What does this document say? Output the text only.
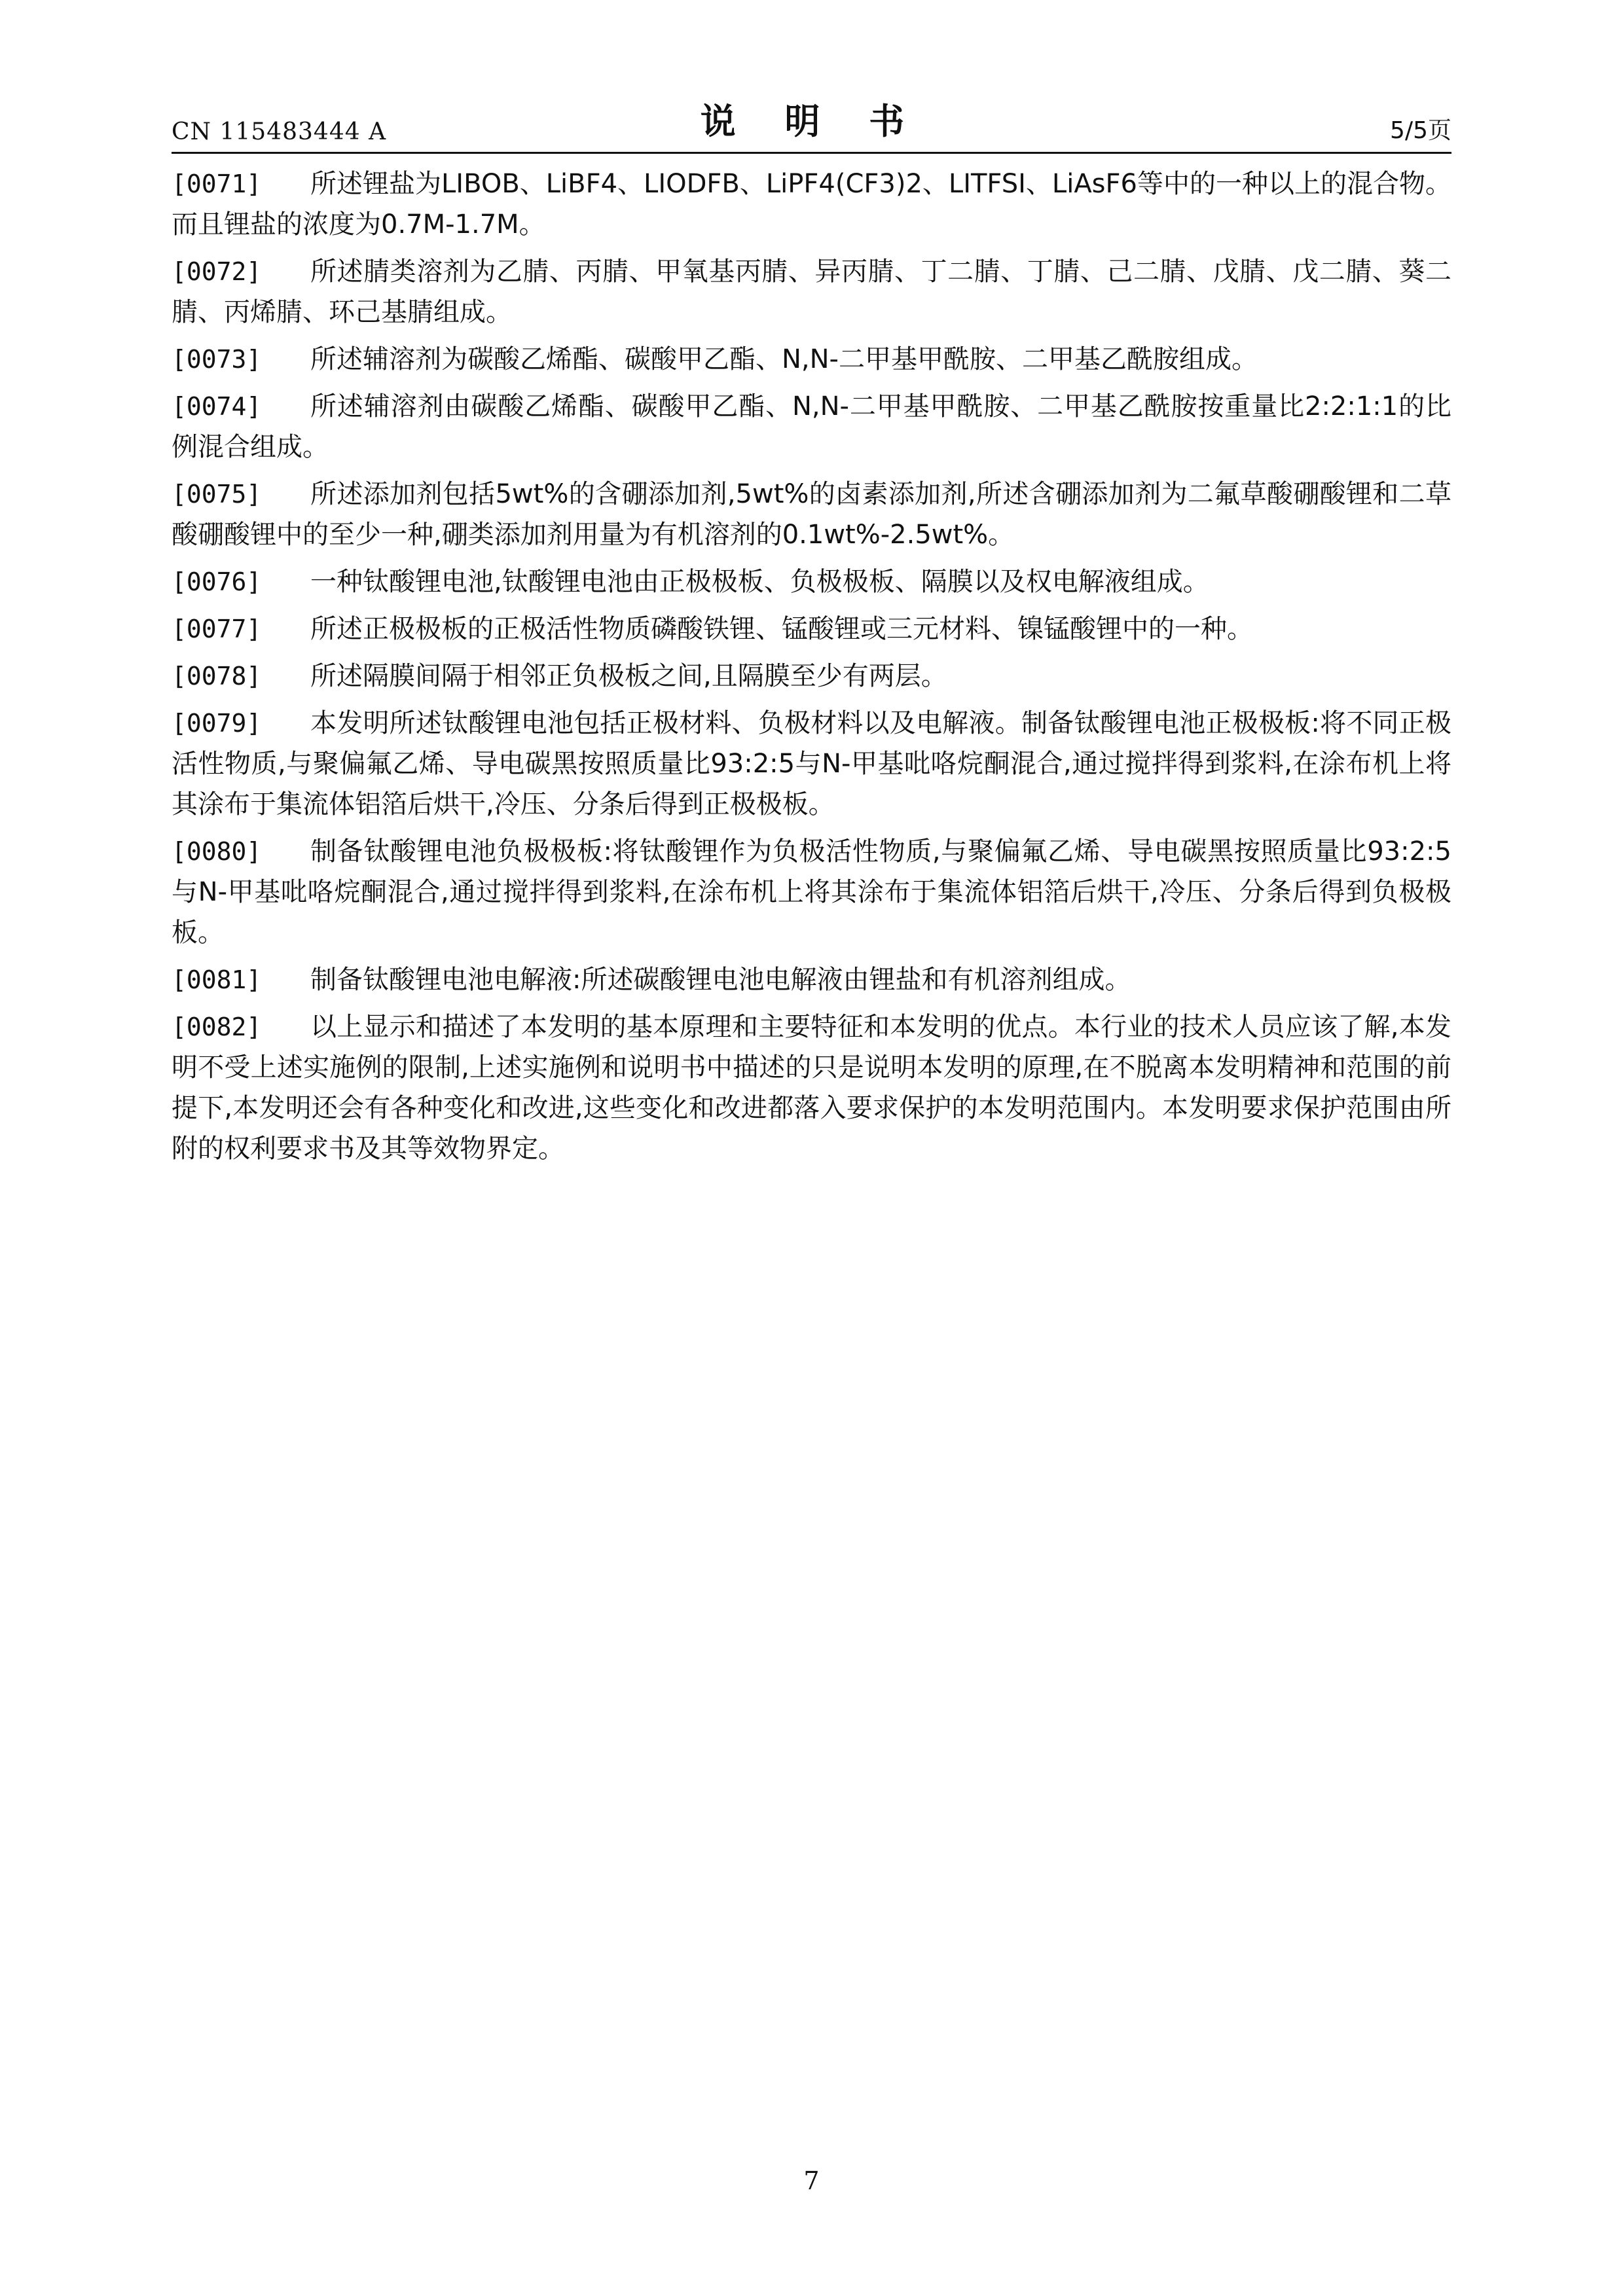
CN 115483444 A	说 明 书	5/5页

[0071] 所述锂盐为LIBOB、LiBF4、LIODFB、LiPF4(CF3)2、LITFSI、LiAsF6等中的一种以上的混合物。而且锂盐的浓度为0.7M-1.7M。

[0072] 所述腈类溶剂为乙腈、丙腈、甲氧基丙腈、异丙腈、丁二腈、丁腈、己二腈、戊腈、戊二腈、葵二腈、丙烯腈、环己基腈组成。

[0073] 所述辅溶剂为碳酸乙烯酯、碳酸甲乙酯、N,N-二甲基甲酰胺、二甲基乙酰胺组成。

[0074] 所述辅溶剂由碳酸乙烯酯、碳酸甲乙酯、N,N-二甲基甲酰胺、二甲基乙酰胺按重量比2:2:1:1的比例混合组成。

[0075] 所述添加剂包括5wt%的含硼添加剂,5wt%的卤素添加剂,所述含硼添加剂为二氟草酸硼酸锂和二草酸硼酸锂中的至少一种,硼类添加剂用量为有机溶剂的0.1wt%-2.5wt%。

[0076] 一种钛酸锂电池,钛酸锂电池由正极极板、负极极板、隔膜以及权电解液组成。

[0077] 所述正极极板的正极活性物质磷酸铁锂、锰酸锂或三元材料、镍锰酸锂中的一种。

[0078] 所述隔膜间隔于相邻正负极板之间,且隔膜至少有两层。

[0079] 本发明所述钛酸锂电池包括正极材料、负极材料以及电解液。制备钛酸锂电池正极极板:将不同正极活性物质,与聚偏氟乙烯、导电碳黑按照质量比93:2:5与N-甲基吡咯烷酮混合,通过搅拌得到浆料,在涂布机上将其涂布于集流体铝箔后烘干,冷压、分条后得到正极极板。

[0080] 制备钛酸锂电池负极极板:将钛酸锂作为负极活性物质,与聚偏氟乙烯、导电碳黑按照质量比93:2:5与N-甲基吡咯烷酮混合,通过搅拌得到浆料,在涂布机上将其涂布于集流体铝箔后烘干,冷压、分条后得到负极极板。

[0081] 制备钛酸锂电池电解液:所述碳酸锂电池电解液由锂盐和有机溶剂组成。

[0082] 以上显示和描述了本发明的基本原理和主要特征和本发明的优点。本行业的技术人员应该了解,本发明不受上述实施例的限制,上述实施例和说明书中描述的只是说明本发明的原理,在不脱离本发明精神和范围的前提下,本发明还会有各种变化和改进,这些变化和改进都落入要求保护的本发明范围内。本发明要求保护范围由所附的权利要求书及其等效物界定。

7
